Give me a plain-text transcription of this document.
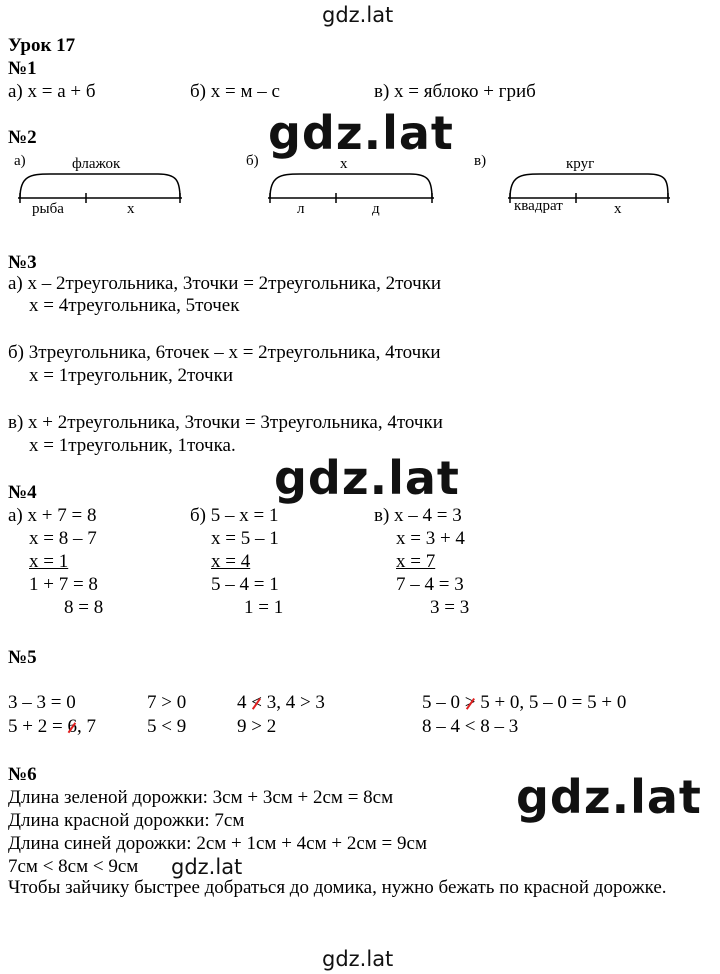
gdz.lat
gdz.lat
gdz.lat
gdz.lat
gdz.lat
gdz.lat
Урок 17
№1
а) х = а + б	б) х = м – с	в) х = яблоко + гриб
№2
а)	флажок
рыба	х
б)	х
л	д
в)	круг
квадрат	х
№3
а) х – 2треугольника, 3точки = 2треугольника, 2точки
х = 4треугольника, 5точек
б) 3треугольника, 6точек – х = 2треугольника, 4точки
х = 1треугольник, 2точки
в) х + 2треугольника, 3точки = 3треугольника, 4точки
х = 1треугольник, 1точка.
№4
а) х + 7 = 8
х = 8 – 7
х = 1
1 + 7 = 8
8 = 8
б) 5 – х = 1
х = 5 – 1
х = 4
5 – 4 = 1
1 = 1
в) х – 4 = 3
х = 3 + 4
х = 7
7 – 4 = 3
3 = 3
№5
3 – 3 = 0	7 > 0	4 < 3, 4 > 3	5 – 0 > 5 + 0, 5 – 0 = 5 + 0
5 + 2 = 6, 7	5 < 9	9 > 2	8 – 4 < 8 – 3
№6
Длина зеленой дорожки: 3см + 3см + 2см = 8см
Длина красной дорожки: 7см
Длина синей дорожки: 2см + 1см + 4см + 2см = 9см
7см < 8см < 9см
Чтобы зайчику быстрее добраться до домика, нужно бежать по красной дорожке.
